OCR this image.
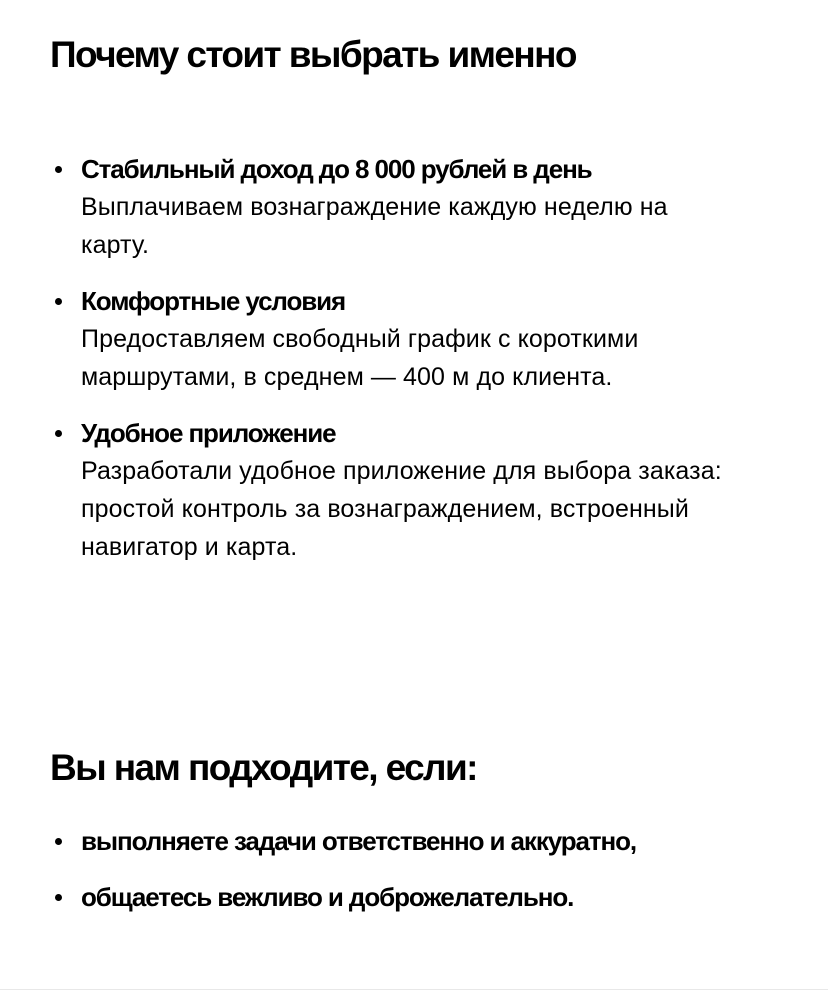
Почему стоит выбрать именно

Стабильный доход до 8 000 рублей в день
Выплачиваем вознаграждение каждую неделю на карту.
Комфортные условия
Предоставляем свободный график с короткими маршрутами, в среднем — 400 м до клиента.
Удобное приложение
Разработали удобное приложение для выбора заказа: простой контроль за вознаграждением, встроенный навигатор и карта.
Вы нам подходите, если:
выполняете задачи ответственно и аккуратно,
общаетесь вежливо и доброжелательно.
